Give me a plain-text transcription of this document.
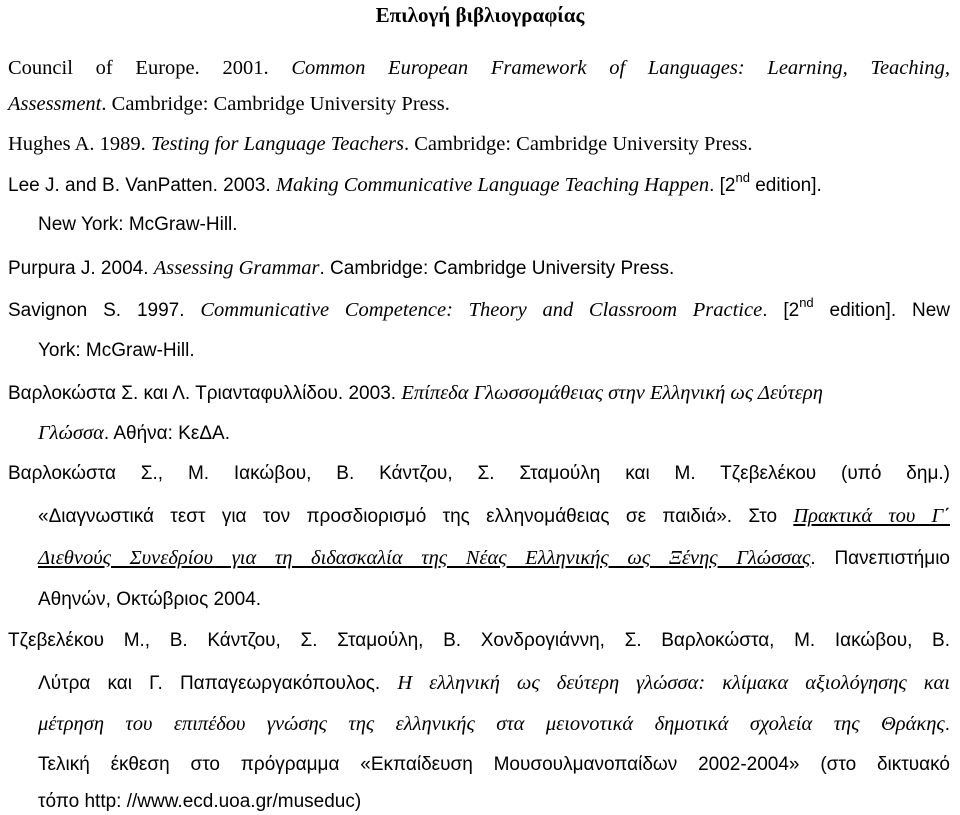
Επιλογή βιβλιογραφίας
Council of Europe. 2001. Common European Framework of Languages: Learning, Teaching,
Assessment. Cambridge: Cambridge University Press.
Hughes A. 1989. Testing for Language Teachers. Cambridge: Cambridge University Press.
Lee J. and B. VanPatten. 2003. Making Communicative Language Teaching Happen. [2nd edition].
New York: McGraw-Hill.
Purpura J. 2004. Assessing Grammar. Cambridge: Cambridge University Press.
Savignon S. 1997. Communicative Competence: Theory and Classroom Practice. [2nd edition]. New
York: McGraw-Hill.
Βαρλοκώστα Σ. και Λ. Τριανταφυλλίδου. 2003. Επίπεδα Γλωσσομάθειας στην Ελληνική ως Δεύτερη
Γλώσσα. Αθήνα: ΚεΔΑ.
Βαρλοκώστα Σ., Μ. Ιακώβου, Β. Κάντζου, Σ. Σταμούλη και Μ. Τζεβελέκου (υπό δημ.)
«Διαγνωστικά τεστ για τον προσδιορισμό της ελληνομάθειας σε παιδιά». Στο Πρακτικά του Γ΄
Διεθνούς Συνεδρίου για τη διδασκαλία της Νέας Ελληνικής ως Ξένης Γλώσσας. Πανεπιστήμιο
Αθηνών, Οκτώβριος 2004.
Τζεβελέκου Μ., Β. Κάντζου, Σ. Σταμούλη, Β. Χονδρογιάννη, Σ. Βαρλοκώστα, Μ. Ιακώβου, Β.
Λύτρα και Γ. Παπαγεωργακόπουλος. Η ελληνική ως δεύτερη γλώσσα: κλίμακα αξιολόγησης και
μέτρηση του επιπέδου γνώσης της ελληνικής στα μειονοτικά δημοτικά σχολεία της Θράκης.
Τελική έκθεση στο πρόγραμμα «Εκπαίδευση Μουσουλμανοπαίδων 2002-2004» (στο δικτυακό
τόπο http: //www.ecd.uoa.gr/museduc)
